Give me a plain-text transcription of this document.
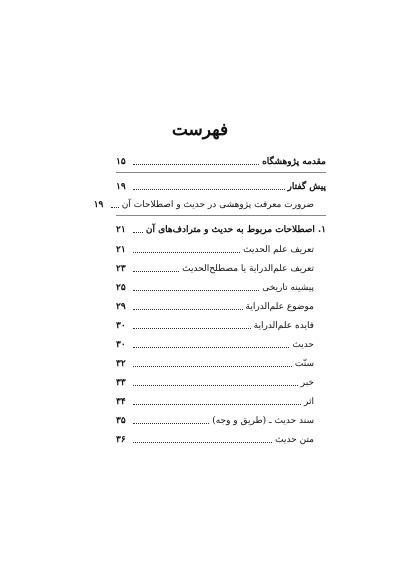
فهرست
مقدمه پژوهشگاه
۱۵
پیش گفتار
۱۹
ضرورت معرفت پژوهشی در حدیث و اصطلاحات آن
۱۹
۱. اصطلاحات مربوط به حدیث و مترادف‌های آن
۲۱
تعریف علم الحدیث
۲۱
تعریف علم‌الدرایة یا مصطلح‌الحدیث
۲۳
پیشینه تاریخی
۲۵
موضوع علم‌الدرایة
۲۹
فایده علم‌الدرایة
۳۰
حدیث
۳۰
سنّت
۳۲
خبر
۳۳
اثر
۳۴
سند حدیث ـ (طریق و وجه)
۳۵
متن حدیث
۳۶
